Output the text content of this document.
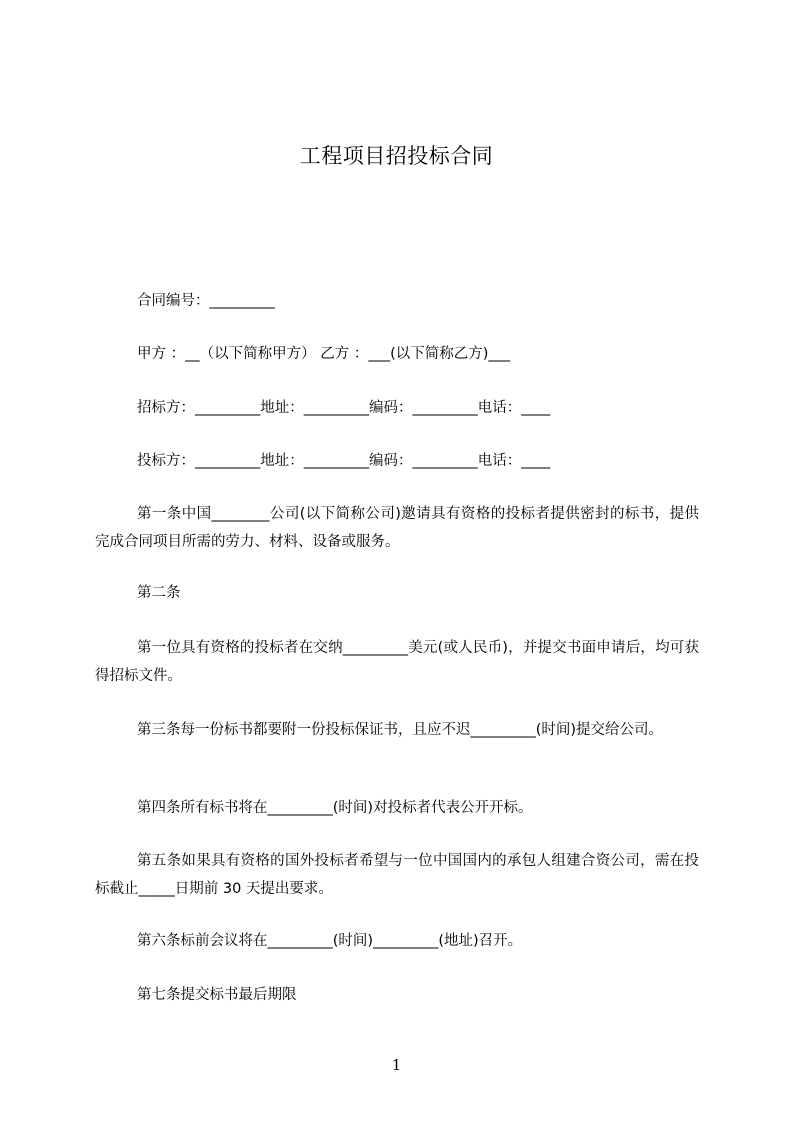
工程项目招投标合同
合同编号：_________
甲方 ：__（以下简称甲方） 乙方 ：___(以下简称乙方)___
招标方：_________地址：_________编码：_________电话：____
投标方：_________地址：_________编码：_________电话：____
第一条中国________公司(以下简称公司)邀请具有资格的投标者提供密封的标书，提供完成合同项目所需的劳力、材料、设备或服务。
第二条
第一位具有资格的投标者在交纳_________美元(或人民币)，并提交书面申请后，均可获得招标文件。
第三条每一份标书都要附一份投标保证书，且应不迟_________(时间)提交给公司。
第四条所有标书将在_________(时间)对投标者代表公开开标。
第五条如果具有资格的国外投标者希望与一位中国国内的承包人组建合资公司，需在投标截止_____日期前 30 天提出要求。
第六条标前会议将在_________(时间)_________(地址)召开。
第七条提交标书最后期限
1
